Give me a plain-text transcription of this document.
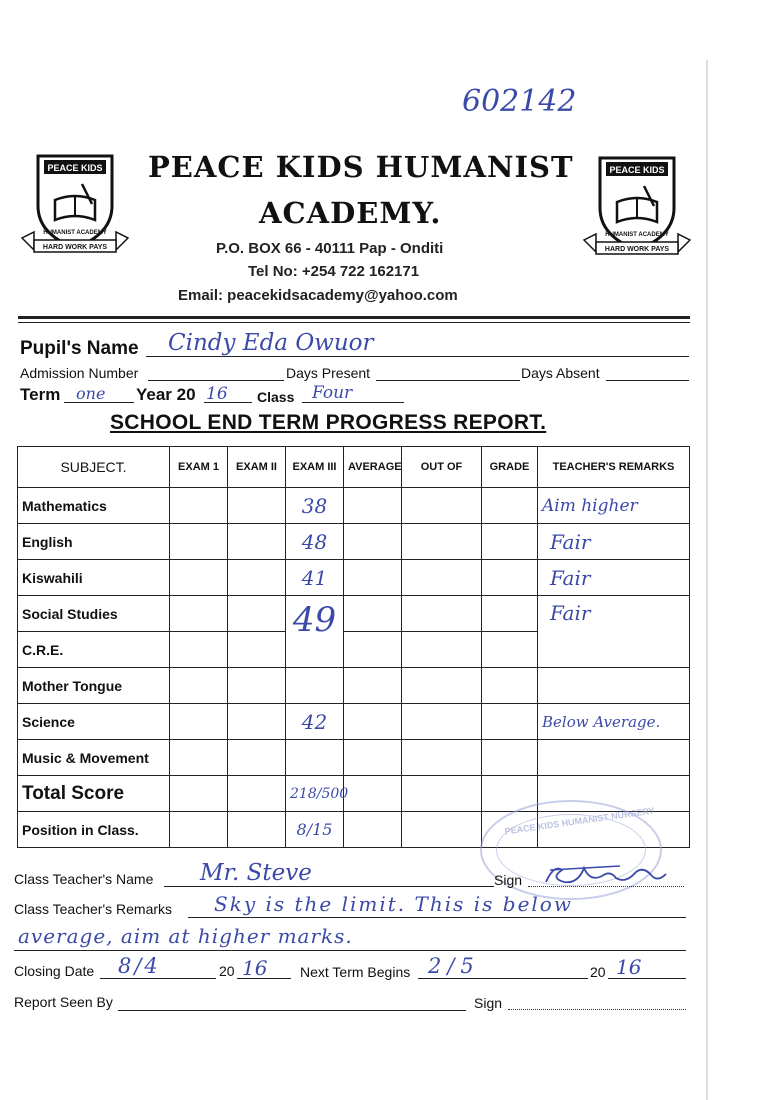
602142
PEACE KIDS
HUMANIST ACADEMY
HARD WORK PAYS
PEACE KIDS
HUMANIST ACADEMY
HARD WORK PAYS
PEACE KIDS HUMANIST
ACADEMY.
P.O. BOX 66 - 40111 Pap - Onditi
Tel No: +254 722 162171
Email: peacekidsacademy@yahoo.com
Pupil's Name Cindy Eda Owuor
Admission Number	Days Present	Days Absent
Term one Year 20 16 Class Four
SCHOOL END TERM PROGRESS REPORT.
SUBJECT.	EXAM 1	EXAM II	EXAM III	AVERAGE	OUT OF	GRADE	TEACHER'S REMARKS
Mathematics			38				Aim higher
English			48				Fair
Kiswahili			41				Fair
Social Studies			49				Fair
C.R.E.							
Mother Tongue							
Science			42				Below Average.
Music & Movement							
Total Score			218/500				
Position in Class.			8/15					PEACE KIDS HUMANIST NURSERY
Class Teacher's Name Mr. Steve	Sign
Class Teacher's Remarks Sky is the limit. This is below
average, aim at higher marks.
Closing Date 8/4	20 16 Next Term Begins 2/5	20 16
Report Seen By	Sign
